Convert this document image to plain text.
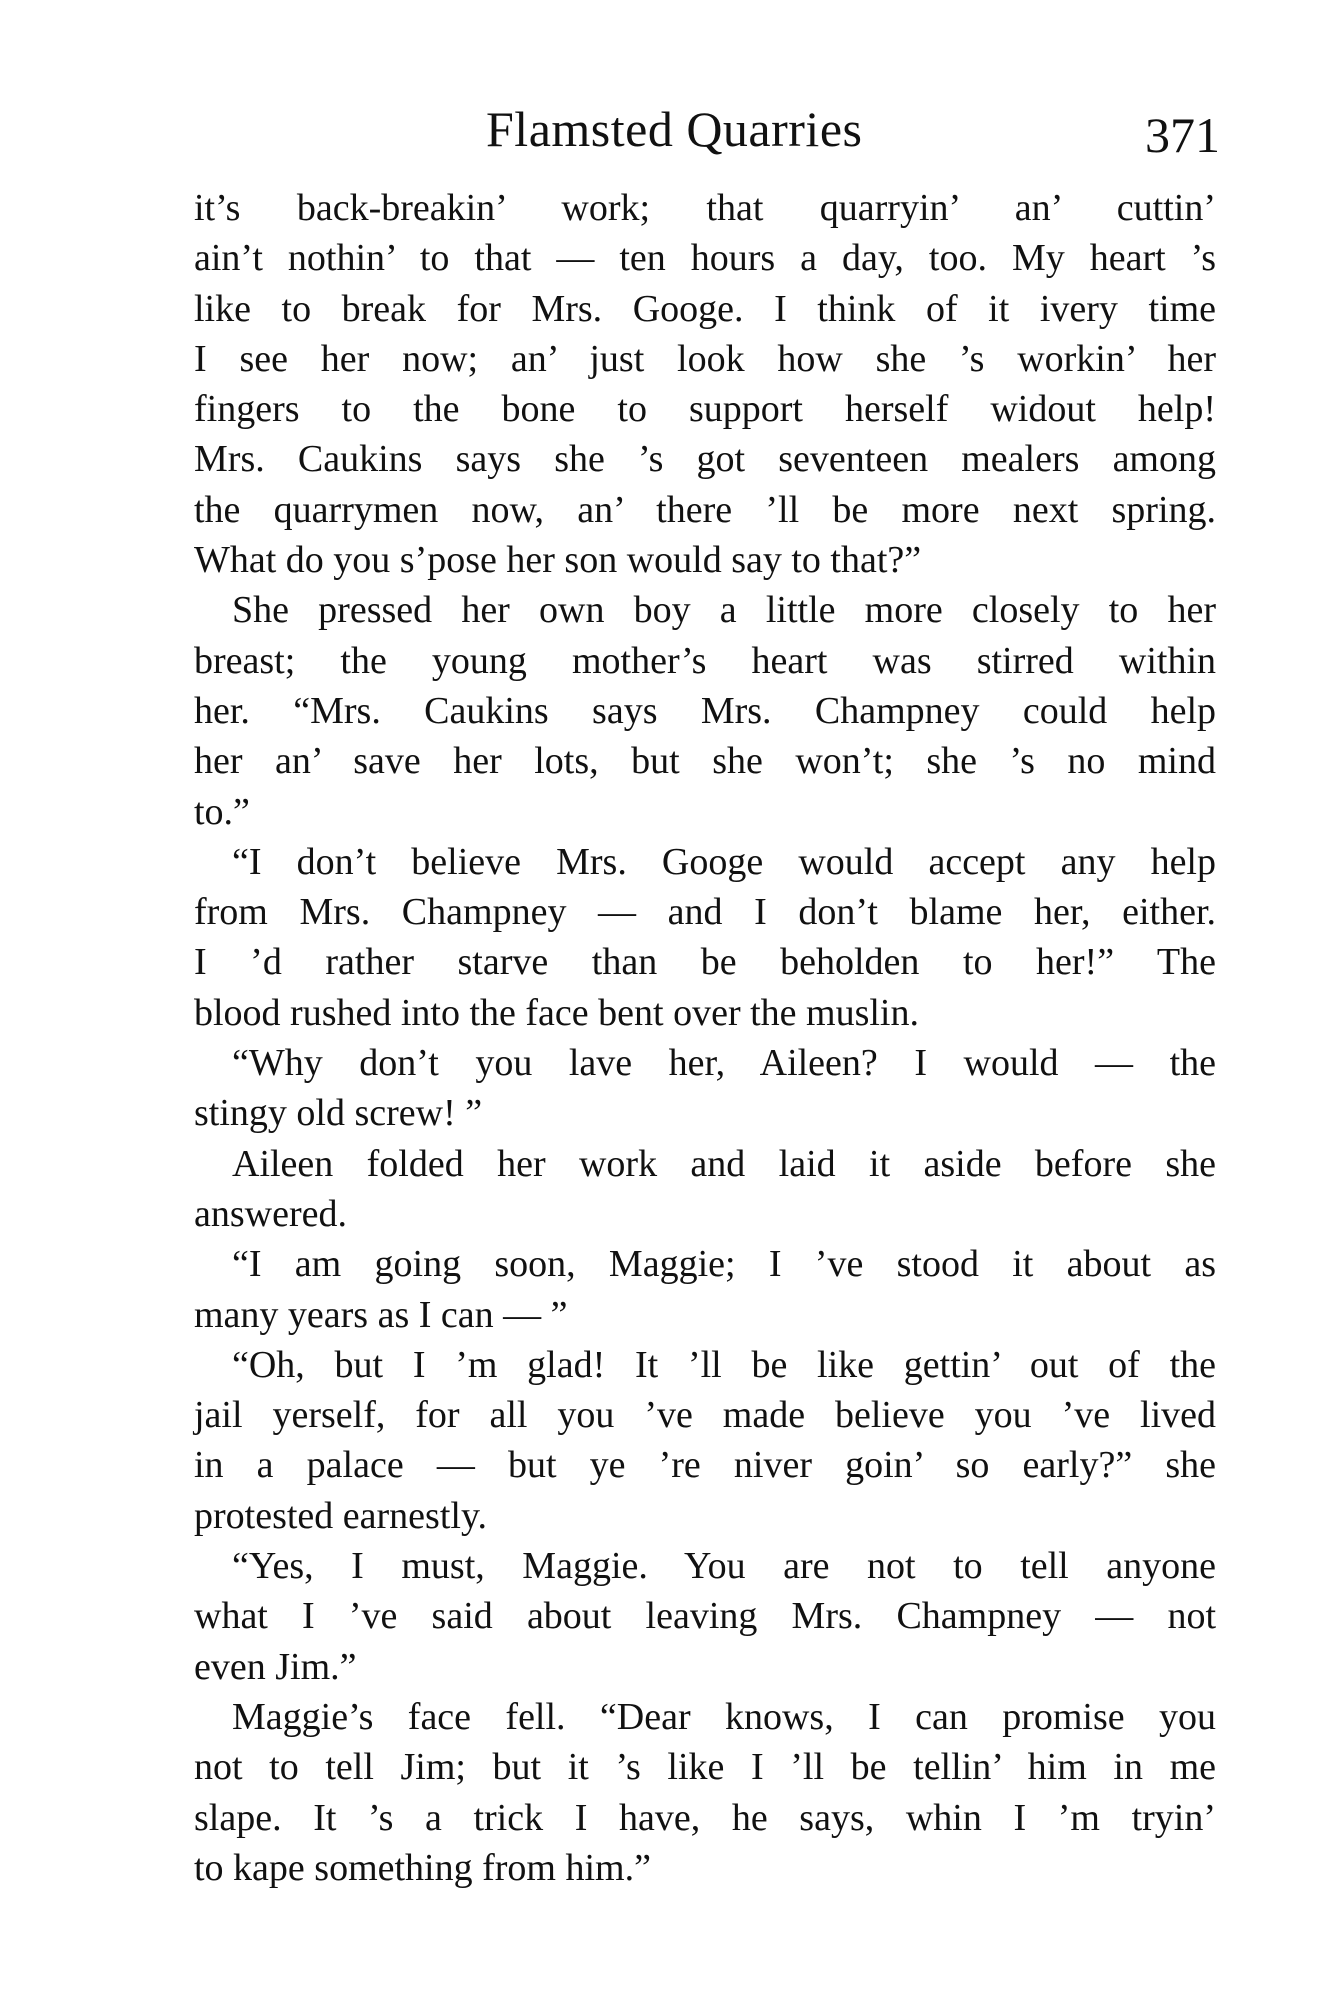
Flamsted Quarries	371
it’s back-breakin’ work; that quarryin’ an’ cuttin’
ain’t nothin’ to that — ten hours a day, too. My heart ’s
like to break for Mrs. Googe. I think of it ivery time
I see her now; an’ just look how she ’s workin’ her
fingers to the bone to support herself widout help!
Mrs. Caukins says she ’s got seventeen mealers among
the quarrymen now, an’ there ’ll be more next spring.
What do you s’pose her son would say to that?”
She pressed her own boy a little more closely to her
breast; the young mother’s heart was stirred within
her. “Mrs. Caukins says Mrs. Champney could help
her an’ save her lots, but she won’t; she ’s no mind
to.”
“I don’t believe Mrs. Googe would accept any help
from Mrs. Champney — and I don’t blame her, either.
I ’d rather starve than be beholden to her!” The
blood rushed into the face bent over the muslin.
“Why don’t you lave her, Aileen? I would — the
stingy old screw! ”
Aileen folded her work and laid it aside before she
answered.
“I am going soon, Maggie; I ’ve stood it about as
many years as I can — ”
“Oh, but I ’m glad! It ’ll be like gettin’ out of the
jail yerself, for all you ’ve made believe you ’ve lived
in a palace — but ye ’re niver goin’ so early?” she
protested earnestly.
“Yes, I must, Maggie. You are not to tell anyone
what I ’ve said about leaving Mrs. Champney — not
even Jim.”
Maggie’s face fell. “Dear knows, I can promise you
not to tell Jim; but it ’s like I ’ll be tellin’ him in me
slape. It ’s a trick I have, he says, whin I ’m tryin’
to kape something from him.”
